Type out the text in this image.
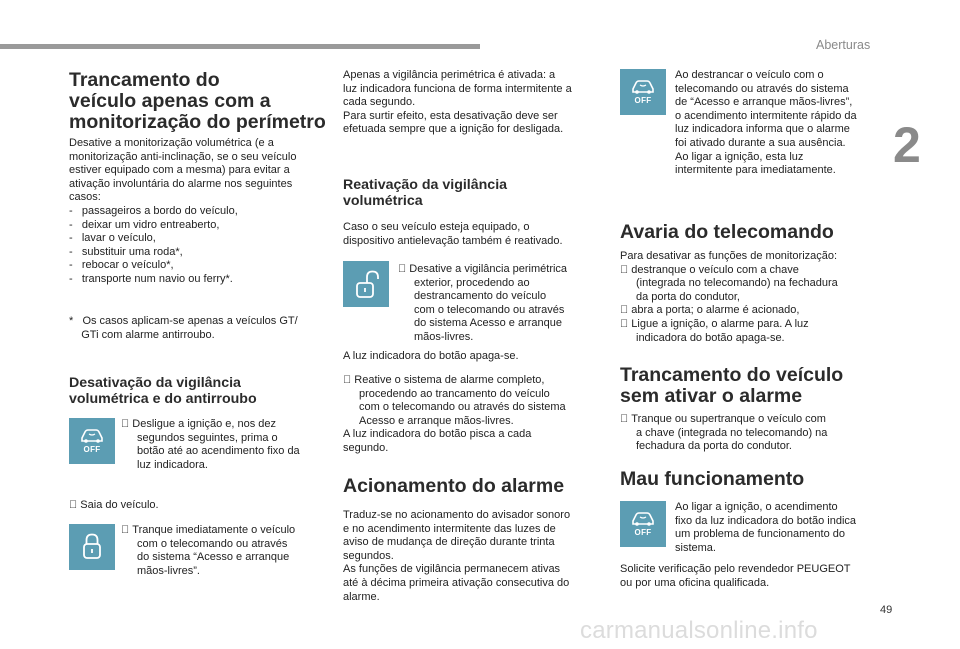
Aberturas
2
49
carmanualsonline.info
Trancamento do
veículo apenas com a
monitorização do perímetro
Desative a monitorização volumétrica (e a
monitorização anti-inclinação, se o seu veículo
estiver equipado com a mesma) para evitar a
ativação involuntária do alarme nos seguintes
casos:
-   passageiros a bordo do veículo,
-   deixar um vidro entreaberto,
-   lavar o veículo,
-   substituir uma roda*,
-   rebocar o veículo*,
-   transporte num navio ou ferry*.
*   Os casos aplicam-se apenas a veículos GT/
GTi com alarme antirroubo.
Desativação da vigilância
volumétrica e do antirroubo
OFF
Desligue a ignição e, nos dez
segundos seguintes, prima o
botão até ao acendimento fixo da
luz indicadora.
Saia do veículo.
Tranque imediatamente o veículo
com o telecomando ou através
do sistema “Acesso e arranque
mãos-livres”.
Apenas a vigilância perimétrica é ativada: a
luz indicadora funciona de forma intermitente a
cada segundo.
Para surtir efeito, esta desativação deve ser
efetuada sempre que a ignição for desligada.
Reativação da vigilância
volumétrica
Caso o seu veículo esteja equipado, o
dispositivo antielevação também é reativado.
Desative a vigilância perimétrica
exterior, procedendo ao
destrancamento do veículo
com o telecomando ou através
do sistema Acesso e arranque
mãos-livres.
A luz indicadora do botão apaga-se.
Reative o sistema de alarme completo,
procedendo ao trancamento do veículo
com o telecomando ou através do sistema
Acesso e arranque mãos-livres.
A luz indicadora do botão pisca a cada
segundo.
Acionamento do alarme
Traduz-se no acionamento do avisador sonoro
e no acendimento intermitente das luzes de
aviso de mudança de direção durante trinta
segundos.
As funções de vigilância permanecem ativas
até à décima primeira ativação consecutiva do
alarme.
OFF
Ao destrancar o veículo com o
telecomando ou através do sistema
de “Acesso e arranque mãos-livres”,
o acendimento intermitente rápido da
luz indicadora informa que o alarme
foi ativado durante a sua ausência.
Ao ligar a ignição, esta luz
intermitente para imediatamente.
Avaria do telecomando
Para desativar as funções de monitorização:
destranque o veículo com a chave
(integrada no telecomando) na fechadura
da porta do condutor,
abra a porta; o alarme é acionado,
Ligue a ignição, o alarme para. A luz
indicadora do botão apaga-se.
Trancamento do veículo
sem ativar o alarme
Tranque ou supertranque o veículo com
a chave (integrada no telecomando) na
fechadura da porta do condutor.
Mau funcionamento
OFF
Ao ligar a ignição, o acendimento
fixo da luz indicadora do botão indica
um problema de funcionamento do
sistema.
Solicite verificação pelo revendedor PEUGEOT
ou por uma oficina qualificada.
